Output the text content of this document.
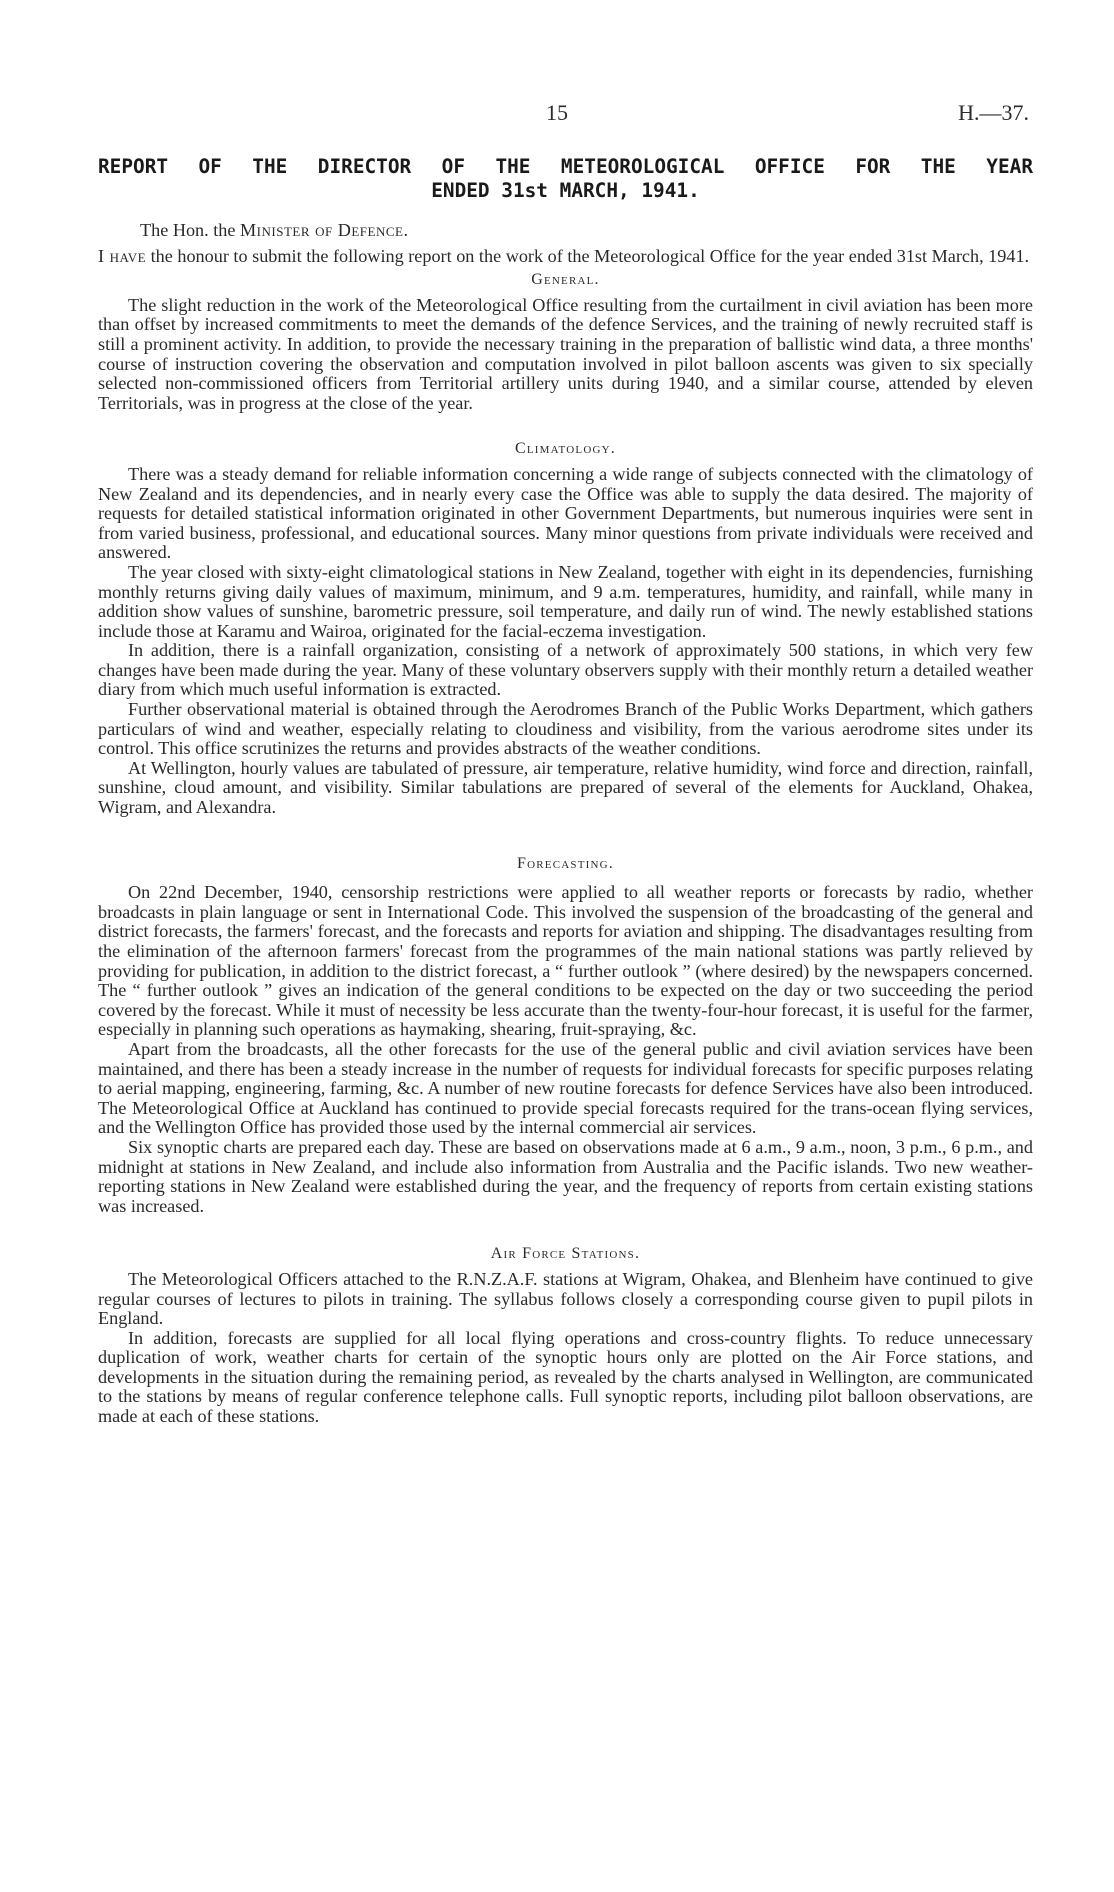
15	H.—37.
REPORT OF THE DIRECTOR OF THE METEOROLOGICAL OFFICE FOR THE YEAR
ENDED 31st MARCH, 1941.

The Hon. the Minister of Defence.

I have the honour to submit the following report on the work of the Meteorological Office for the year ended 31st March, 1941.

General.

The slight reduction in the work of the Meteorological Office resulting from the curtailment in civil aviation has been more than offset by increased commitments to meet the demands of the defence Services, and the training of newly recruited staff is still a prominent activity. In addition, to provide the necessary training in the preparation of ballistic wind data, a three months' course of instruction covering the observation and computation involved in pilot balloon ascents was given to six specially selected non-commissioned officers from Territorial artillery units during 1940, and a similar course, attended by eleven Territorials, was in progress at the close of the year.

Climatology.

There was a steady demand for reliable information concerning a wide range of subjects connected with the climatology of New Zealand and its dependencies, and in nearly every case the Office was able to supply the data desired. The majority of requests for detailed statistical information originated in other Government Departments, but numerous inquiries were sent in from varied business, professional, and educational sources. Many minor questions from private individuals were received and answered.

The year closed with sixty-eight climatological stations in New Zealand, together with eight in its dependencies, furnishing monthly returns giving daily values of maximum, minimum, and 9 a.m. temperatures, humidity, and rainfall, while many in addition show values of sunshine, barometric pressure, soil temperature, and daily run of wind. The newly established stations include those at Karamu and Wairoa, originated for the facial-eczema investigation.

In addition, there is a rainfall organization, consisting of a network of approximately 500 stations, in which very few changes have been made during the year. Many of these voluntary observers supply with their monthly return a detailed weather diary from which much useful information is extracted.

Further observational material is obtained through the Aerodromes Branch of the Public Works Department, which gathers particulars of wind and weather, especially relating to cloudiness and visibility, from the various aerodrome sites under its control. This office scrutinizes the returns and provides abstracts of the weather conditions.

At Wellington, hourly values are tabulated of pressure, air temperature, relative humidity, wind force and direction, rainfall, sunshine, cloud amount, and visibility. Similar tabulations are prepared of several of the elements for Auckland, Ohakea, Wigram, and Alexandra.

Forecasting.

On 22nd December, 1940, censorship restrictions were applied to all weather reports or forecasts by radio, whether broadcasts in plain language or sent in International Code. This involved the suspension of the broadcasting of the general and district forecasts, the farmers' forecast, and the forecasts and reports for aviation and shipping. The disadvantages resulting from the elimination of the afternoon farmers' forecast from the programmes of the main national stations was partly relieved by providing for publication, in addition to the district forecast, a “ further outlook ” (where desired) by the newspapers concerned. The “ further outlook ” gives an indication of the general conditions to be expected on the day or two succeeding the period covered by the forecast. While it must of necessity be less accurate than the twenty-four-hour forecast, it is useful for the farmer, especially in planning such operations as haymaking, shearing, fruit-spraying, &c.

Apart from the broadcasts, all the other forecasts for the use of the general public and civil aviation services have been maintained, and there has been a steady increase in the number of requests for individual forecasts for specific purposes relating to aerial mapping, engineering, farming, &c. A number of new routine forecasts for defence Services have also been introduced. The Meteorological Office at Auckland has continued to provide special forecasts required for the trans-ocean flying services, and the Wellington Office has provided those used by the internal commercial air services.

Six synoptic charts are prepared each day. These are based on observations made at 6 a.m., 9 a.m., noon, 3 p.m., 6 p.m., and midnight at stations in New Zealand, and include also information from Australia and the Pacific islands. Two new weather-reporting stations in New Zealand were established during the year, and the frequency of reports from certain existing stations was increased.

Air Force Stations.

The Meteorological Officers attached to the R.N.Z.A.F. stations at Wigram, Ohakea, and Blenheim have continued to give regular courses of lectures to pilots in training. The syllabus follows closely a corresponding course given to pupil pilots in England.

In addition, forecasts are supplied for all local flying operations and cross-country flights. To reduce unnecessary duplication of work, weather charts for certain of the synoptic hours only are plotted on the Air Force stations, and developments in the situation during the remaining period, as revealed by the charts analysed in Wellington, are communicated to the stations by means of regular conference telephone calls. Full synoptic reports, including pilot balloon observations, are made at each of these stations.
